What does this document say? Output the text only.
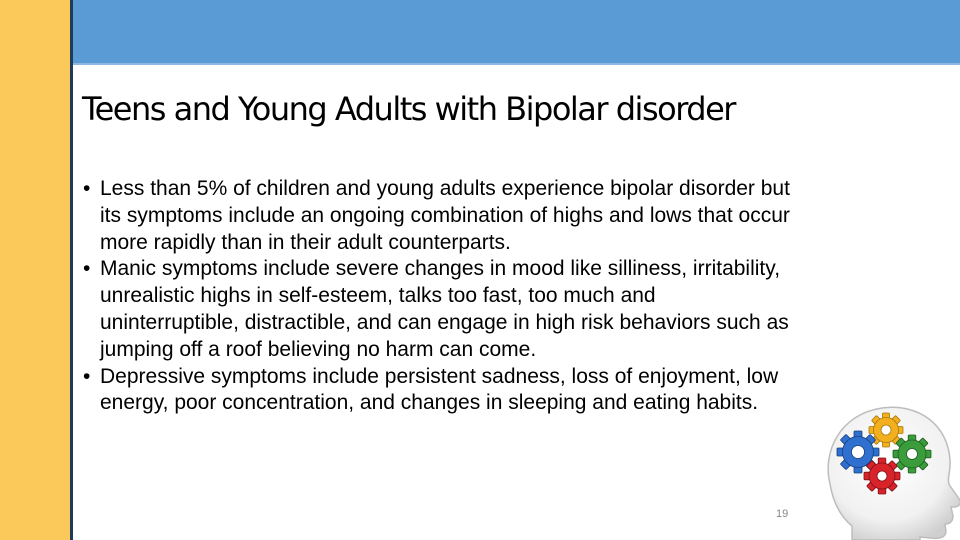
Teens and Young Adults with Bipolar disorder
• Less than 5% of children and young adults experience bipolar disorder but its symptoms include an ongoing combination of highs and lows that occur more rapidly than in their adult counterparts.
• Manic symptoms include severe changes in mood like silliness, irritability, unrealistic highs in self-esteem, talks too fast, too much and uninterruptible, distractible, and can engage in high risk behaviors such as jumping off a roof believing no harm can come.
• Depressive symptoms include persistent sadness, loss of enjoyment, low energy, poor concentration, and changes in sleeping and eating habits.
19
